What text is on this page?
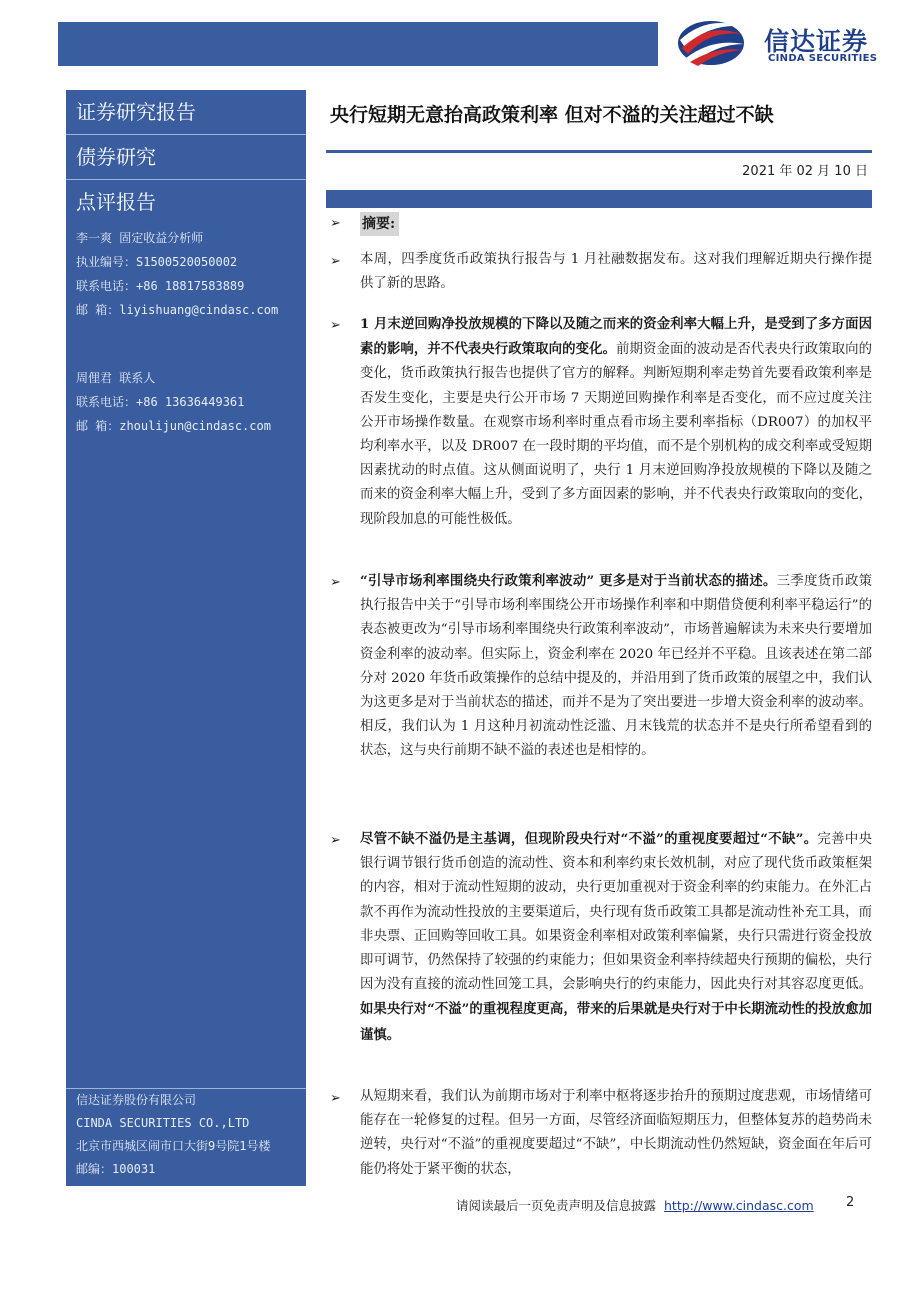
信达证券
CINDA SECURITIES
证券研究报告
债券研究
点评报告
李一爽 固定收益分析师
执业编号：S1500520050002
联系电话：+86 18817583889
邮 箱：liyishuang@cindasc.com
周俚君 联系人
联系电话：+86 13636449361
邮 箱：zhoulijun@cindasc.com
信达证券股份有限公司
CINDA SECURITIES CO.,LTD
北京市西城区闹市口大街9号院1号楼
邮编：100031
央行短期无意抬高政策利率 但对不溢的关注超过不缺
2021 年 02 月 10 日
➢ 摘要:
➢ 本周，四季度货币政策执行报告与 1 月社融数据发布。这对我们理解近期央行操作提供了新的思路。
➢ 1 月末逆回购净投放规模的下降以及随之而来的资金利率大幅上升，是受到了多方面因素的影响，并不代表央行政策取向的变化。前期资金面的波动是否代表央行政策取向的变化，货币政策执行报告也提供了官方的解释。判断短期利率走势首先要看政策利率是否发生变化，主要是央行公开市场 7 天期逆回购操作利率是否变化，而不应过度关注公开市场操作数量。在观察市场利率时重点看市场主要利率指标（DR007）的加权平均利率水平，以及 DR007 在一段时期的平均值，而不是个别机构的成交利率或受短期因素扰动的时点值。这从侧面说明了，央行 1 月末逆回购净投放规模的下降以及随之而来的资金利率大幅上升，受到了多方面因素的影响，并不代表央行政策取向的变化，现阶段加息的可能性极低。
➢ “引导市场利率围绕央行政策利率波动” 更多是对于当前状态的描述。三季度货币政策执行报告中关于“引导市场利率围绕公开市场操作利率和中期借贷便利利率平稳运行”的表态被更改为“引导市场利率围绕央行政策利率波动”，市场普遍解读为未来央行要增加资金利率的波动率。但实际上，资金利率在 2020 年已经并不平稳。且该表述在第二部分对 2020 年货币政策操作的总结中提及的，并沿用到了货币政策的展望之中，我们认为这更多是对于当前状态的描述，而并不是为了突出要进一步增大资金利率的波动率。相反，我们认为 1 月这种月初流动性泛滥、月末钱荒的状态并不是央行所希望看到的状态，这与央行前期不缺不溢的表述也是相悖的。
➢ 尽管不缺不溢仍是主基调，但现阶段央行对“不溢”的重视度要超过“不缺”。完善中央银行调节银行货币创造的流动性、资本和利率约束长效机制，对应了现代货币政策框架的内容，相对于流动性短期的波动，央行更加重视对于资金利率的约束能力。在外汇占款不再作为流动性投放的主要渠道后，央行现有货币政策工具都是流动性补充工具，而非央票、正回购等回收工具。如果资金利率相对政策利率偏紧，央行只需进行资金投放即可调节，仍然保持了较强的约束能力；但如果资金利率持续超央行预期的偏松，央行因为没有直接的流动性回笼工具，会影响央行的约束能力，因此央行对其容忍度更低。如果央行对“不溢”的重视程度更高，带来的后果就是央行对于中长期流动性的投放愈加谨慎。
➢ 从短期来看，我们认为前期市场对于利率中枢将逐步抬升的预期过度悲观，市场情绪可能存在一轮修复的过程。但另一方面，尽管经济面临短期压力，但整体复苏的趋势尚未逆转，央行对“不溢”的重视度要超过“不缺”，中长期流动性仍然短缺，资金面在年后可能仍将处于紧平衡的状态，
请阅读最后一页免责声明及信息披露 http://www.cindasc.com 2
